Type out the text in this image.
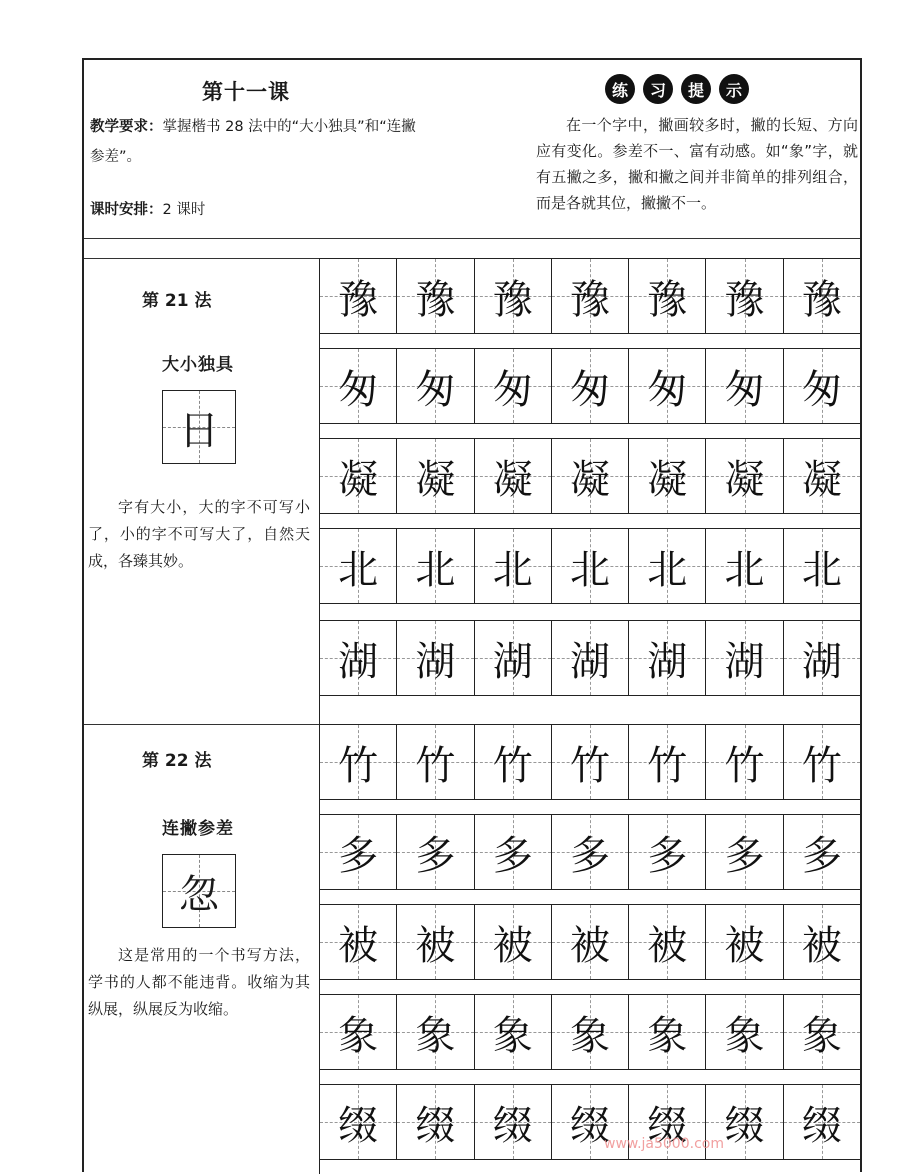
第十一课
教学要求：掌握楷书 28 法中的“大小独具”和“连撇参差”。
课时安排：2 课时
练	习	提	示
在一个字中，撇画较多时，撇的长短、方向应有变化。参差不一、富有动感。如“象”字，就有五撇之多，撇和撇之间并非简单的排列组合，而是各就其位，撇撇不一。
第 21 法
大小独具
日
字有大小，大的字不可写小了，小的字不可写大了，自然天成，各臻其妙。
豫 豫 豫 豫 豫 豫 豫
匆 匆 匆 匆 匆 匆 匆
凝 凝 凝 凝 凝 凝 凝
北 北 北 北 北 北 北
湖 湖 湖 湖 湖 湖 湖
第 22 法
连撇参差
忽
这是常用的一个书写方法，学书的人都不能违背。收缩为其纵展，纵展反为收缩。
竹 竹 竹 竹 竹 竹 竹
多 多 多 多 多 多 多
被 被 被 被 被 被 被
象 象 象 象 象 象 象
缀 缀 缀 缀 缀 缀 缀
www.ja5000.com
